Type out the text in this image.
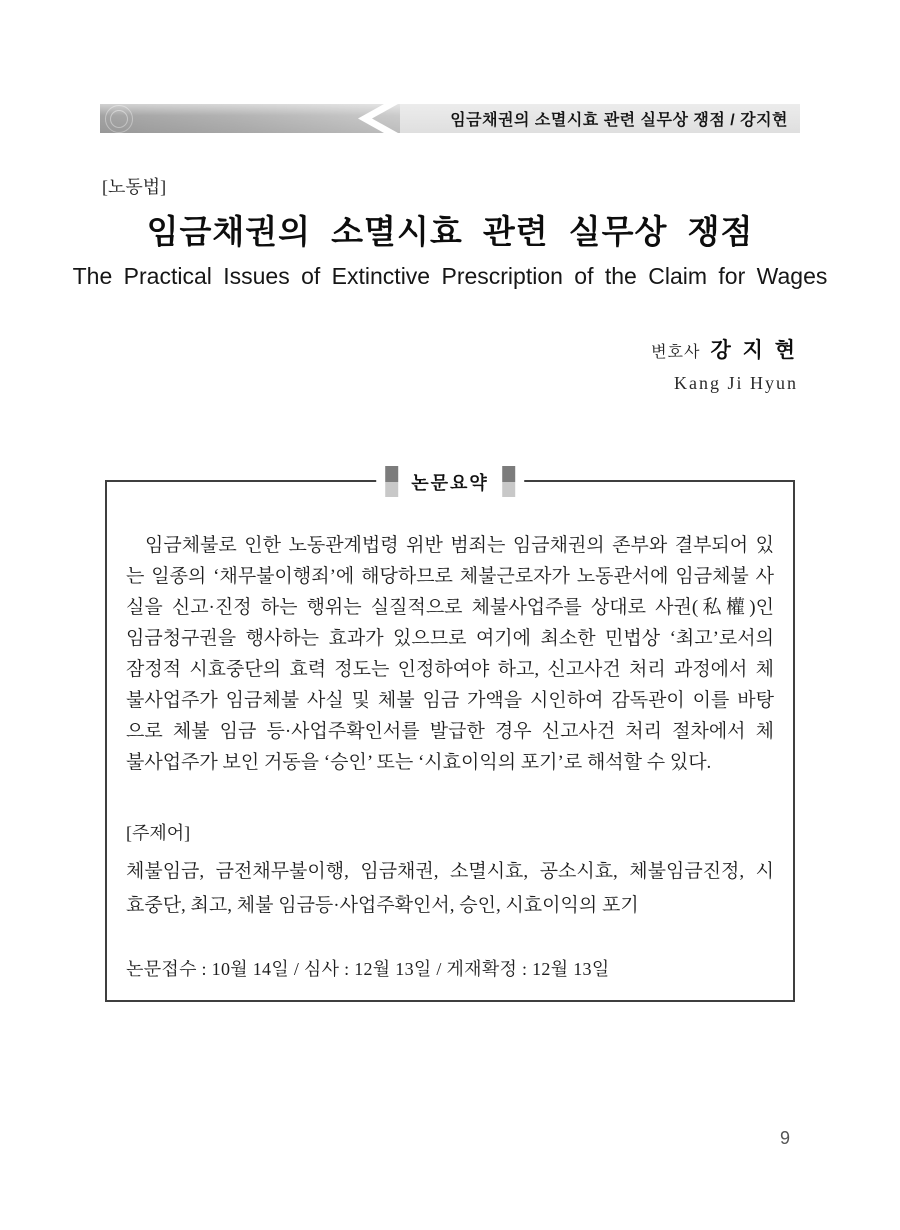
임금채권의 소멸시효 관련 실무상 쟁점 / 강지현
[노동법]
임금채권의 소멸시효 관련 실무상 쟁점
The Practical Issues of Extinctive Prescription of the Claim for Wages
변호사 강 지 현
Kang Ji Hyun
논문요약
임금체불로 인한 노동관계법령 위반 범죄는 임금채권의 존부와 결부되어 있
는 일종의 ‘채무불이행죄’에 해당하므로 체불근로자가 노동관서에 임금체불 사
실을 신고·진정 하는 행위는 실질적으로 체불사업주를 상대로 사권(私權)인
임금청구권을 행사하는 효과가 있으므로 여기에 최소한 민법상 ‘최고’로서의
잠정적 시효중단의 효력 정도는 인정하여야 하고, 신고사건 처리 과정에서 체
불사업주가 임금체불 사실 및 체불 임금 가액을 시인하여 감독관이 이를 바탕
으로 체불 임금 등·사업주확인서를 발급한 경우 신고사건 처리 절차에서 체
불사업주가 보인 거동을 ‘승인’ 또는 ‘시효이익의 포기’로 해석할 수 있다.
[주제어]
체불임금, 금전채무불이행, 임금채권, 소멸시효, 공소시효, 체불임금진정, 시
효중단, 최고, 체불 임금등·사업주확인서, 승인, 시효이익의 포기
논문접수 : 10월 14일 / 심사 : 12월 13일 / 게재확정 : 12월 13일
9
